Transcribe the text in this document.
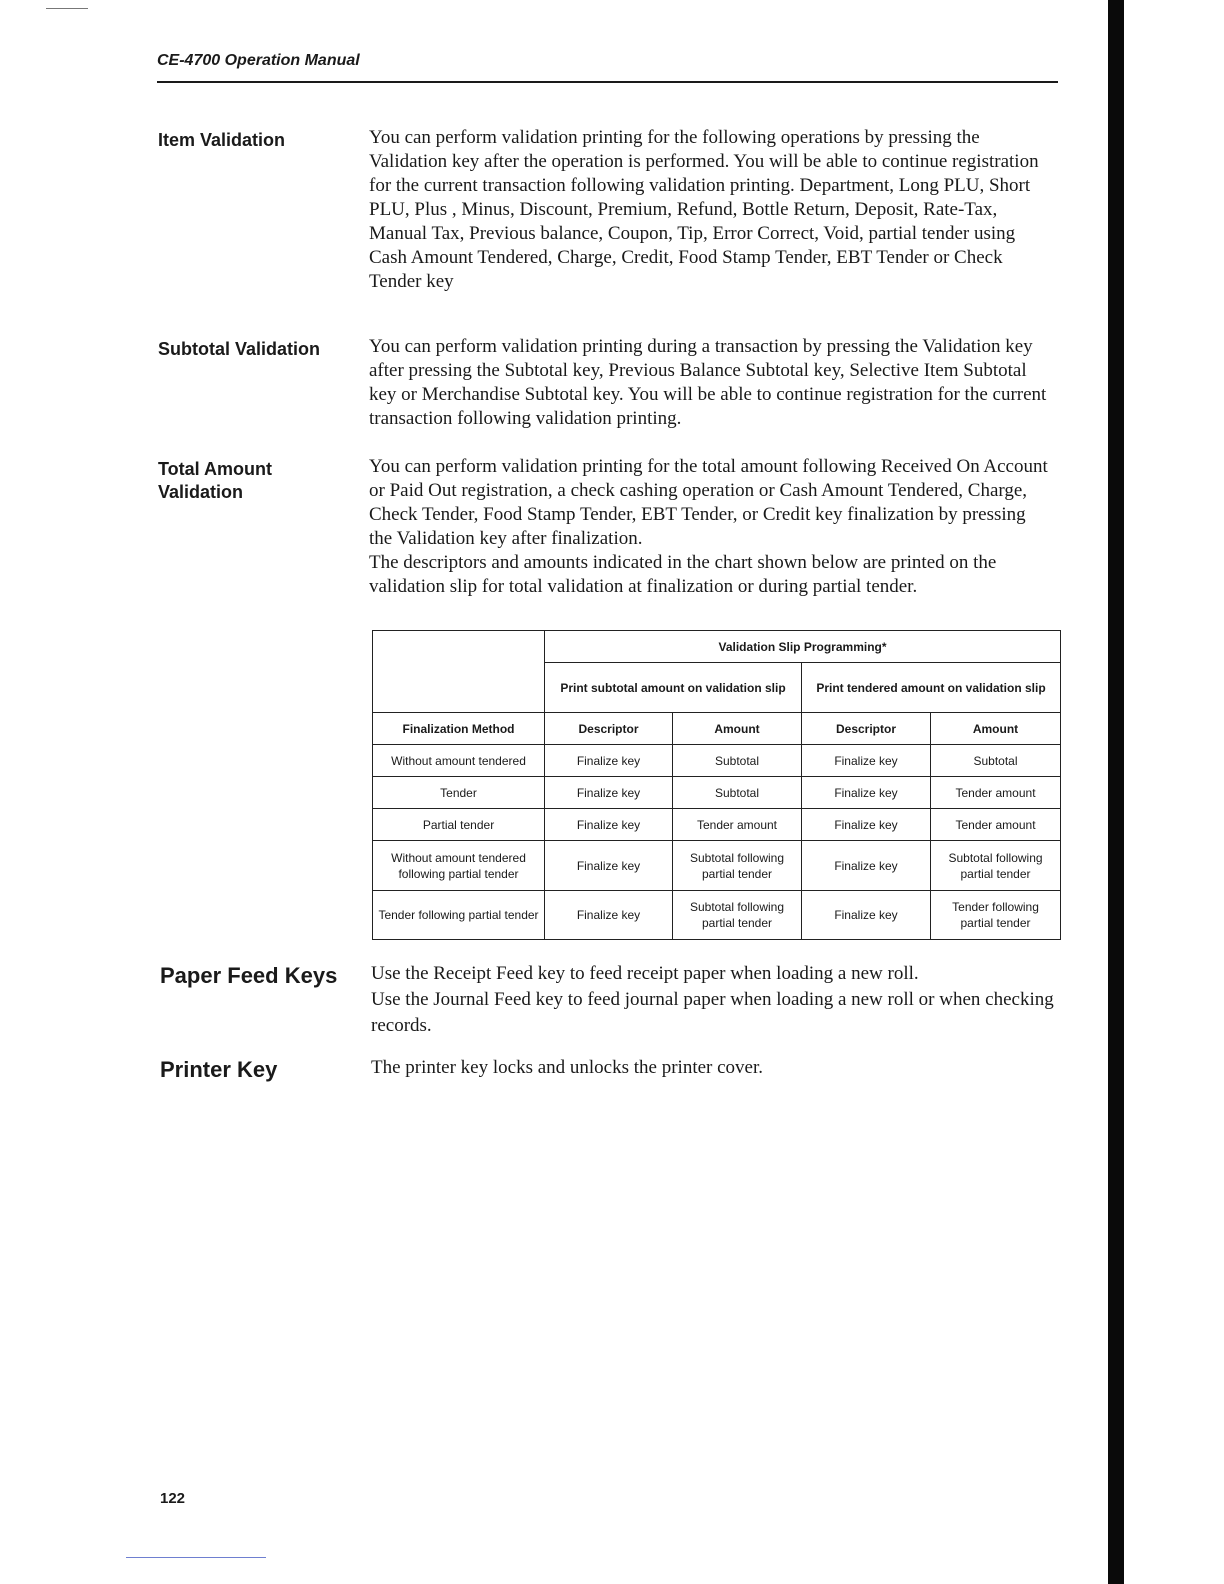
CE-4700 Operation Manual
Item Validation	You can perform validation printing for the following operations by pressing the Validation key after the operation is performed. You will be able to continue registration for the current transaction following validation printing. Department, Long PLU, Short PLU, Plus , Minus, Discount, Premium, Refund, Bottle Return, Deposit, Rate-Tax, Manual Tax, Previous balance, Coupon, Tip, Error Correct, Void, partial tender using Cash Amount Tendered, Charge, Credit, Food Stamp Tender, EBT Tender or Check Tender key

Subtotal Validation	You can perform validation printing during a transaction by pressing the Validation key after pressing the Subtotal key, Previous Balance Subtotal key, Selective Item Subtotal key or Merchandise Subtotal key. You will be able to continue registration for the current transaction following validation printing.

Total Amount
Validation

You can perform validation printing for the total amount following Received On Account or Paid Out registration, a check cashing operation or Cash Amount Tendered, Charge, Check Tender, Food Stamp Tender, EBT Tender, or Credit key finalization by pressing the Validation key after finalization.

The descriptors and amounts indicated in the chart shown below are printed on the validation slip for total validation at finalization or during partial tender.

	Validation Slip Programming*			
	Print subtotal amount on validation slip		Print tendered amount on validation slip	
Finalization Method	Descriptor	Amount	Descriptor	Amount
Without amount tendered	Finalize key	Subtotal	Finalize key	Subtotal
Tender	Finalize key	Subtotal	Finalize key	Tender amount
Partial tender	Finalize key	Tender amount	Finalize key	Tender amount
Without amount tendered following partial tender	Finalize key	Subtotal following partial tender	Finalize key	Subtotal following partial tender
Tender following partial tender	Finalize key	Subtotal following partial tender	Finalize key	Tender following partial tender
Paper Feed Keys	Use the Receipt Feed key to feed receipt paper when loading a new roll.

Use the Journal Feed key to feed journal paper when loading a new roll or when checking records.

Printer Key	The printer key locks and unlocks the printer cover.

122
